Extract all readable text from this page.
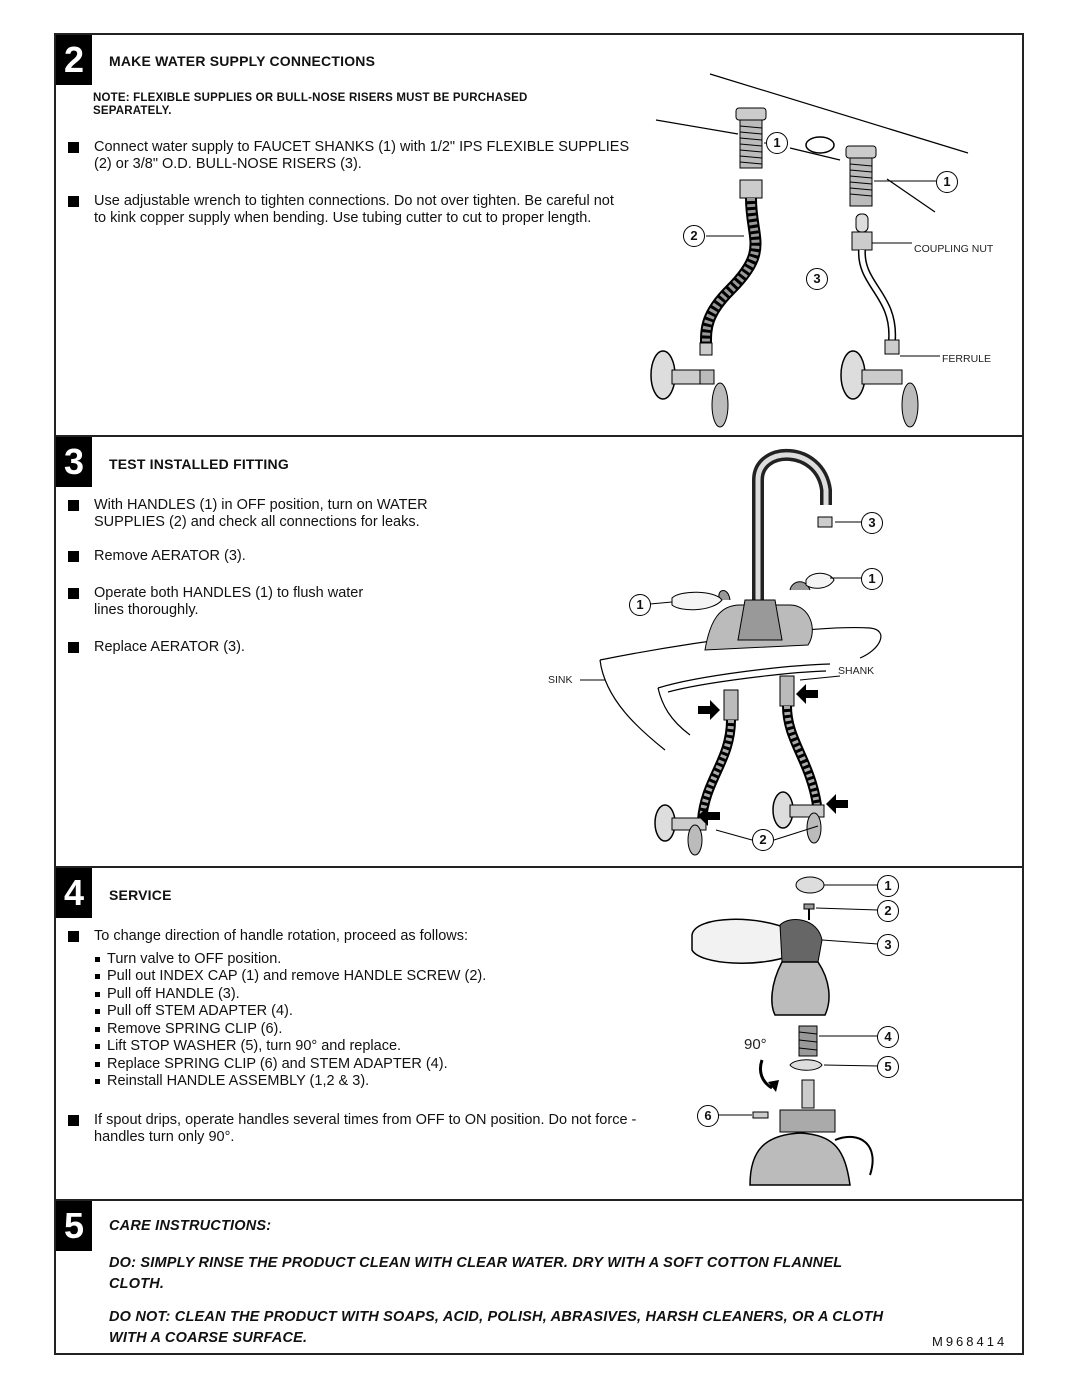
2	MAKE WATER SUPPLY CONNECTIONS
NOTE: FLEXIBLE SUPPLIES OR BULL-NOSE RISERS MUST BE PURCHASED SEPARATELY.
Connect water supply to FAUCET SHANKS (1) with 1/2" IPS FLEXIBLE SUPPLIES (2) or 3/8" O.D. BULL-NOSE RISERS (3).
Use adjustable wrench to tighten connections. Do not over tighten. Be careful not to kink copper supply when bending. Use tubing cutter to cut to proper length.
1
1
2
3
COUPLING NUT
FERRULE
3	TEST INSTALLED FITTING
With HANDLES (1) in OFF position, turn on WATER SUPPLIES (2) and check all connections for leaks.
Remove AERATOR (3).
Operate both HANDLES (1) to flush water lines thoroughly.
Replace AERATOR (3).
3
1
1
2
SINK
SHANK
4	SERVICE
To change direction of handle rotation, proceed as follows:
Turn valve to OFF position.
Pull out INDEX CAP (1) and remove HANDLE SCREW (2).
Pull off HANDLE (3).
Pull off STEM ADAPTER (4).
Remove SPRING CLIP (6).
Lift STOP WASHER (5), turn 90° and replace.
Replace SPRING CLIP (6) and STEM ADAPTER (4).
Reinstall HANDLE ASSEMBLY (1,2 & 3).
If spout drips, operate handles several times from OFF to ON position. Do not force - handles turn only 90°.
1
2
3
4
5
6
90°
5	CARE INSTRUCTIONS:
DO: SIMPLY RINSE THE PRODUCT CLEAN WITH CLEAR WATER. DRY WITH A SOFT COTTON FLANNEL CLOTH.
DO NOT: CLEAN THE PRODUCT WITH SOAPS, ACID, POLISH, ABRASIVES, HARSH CLEANERS, OR A CLOTH WITH A COARSE SURFACE.	M968414
